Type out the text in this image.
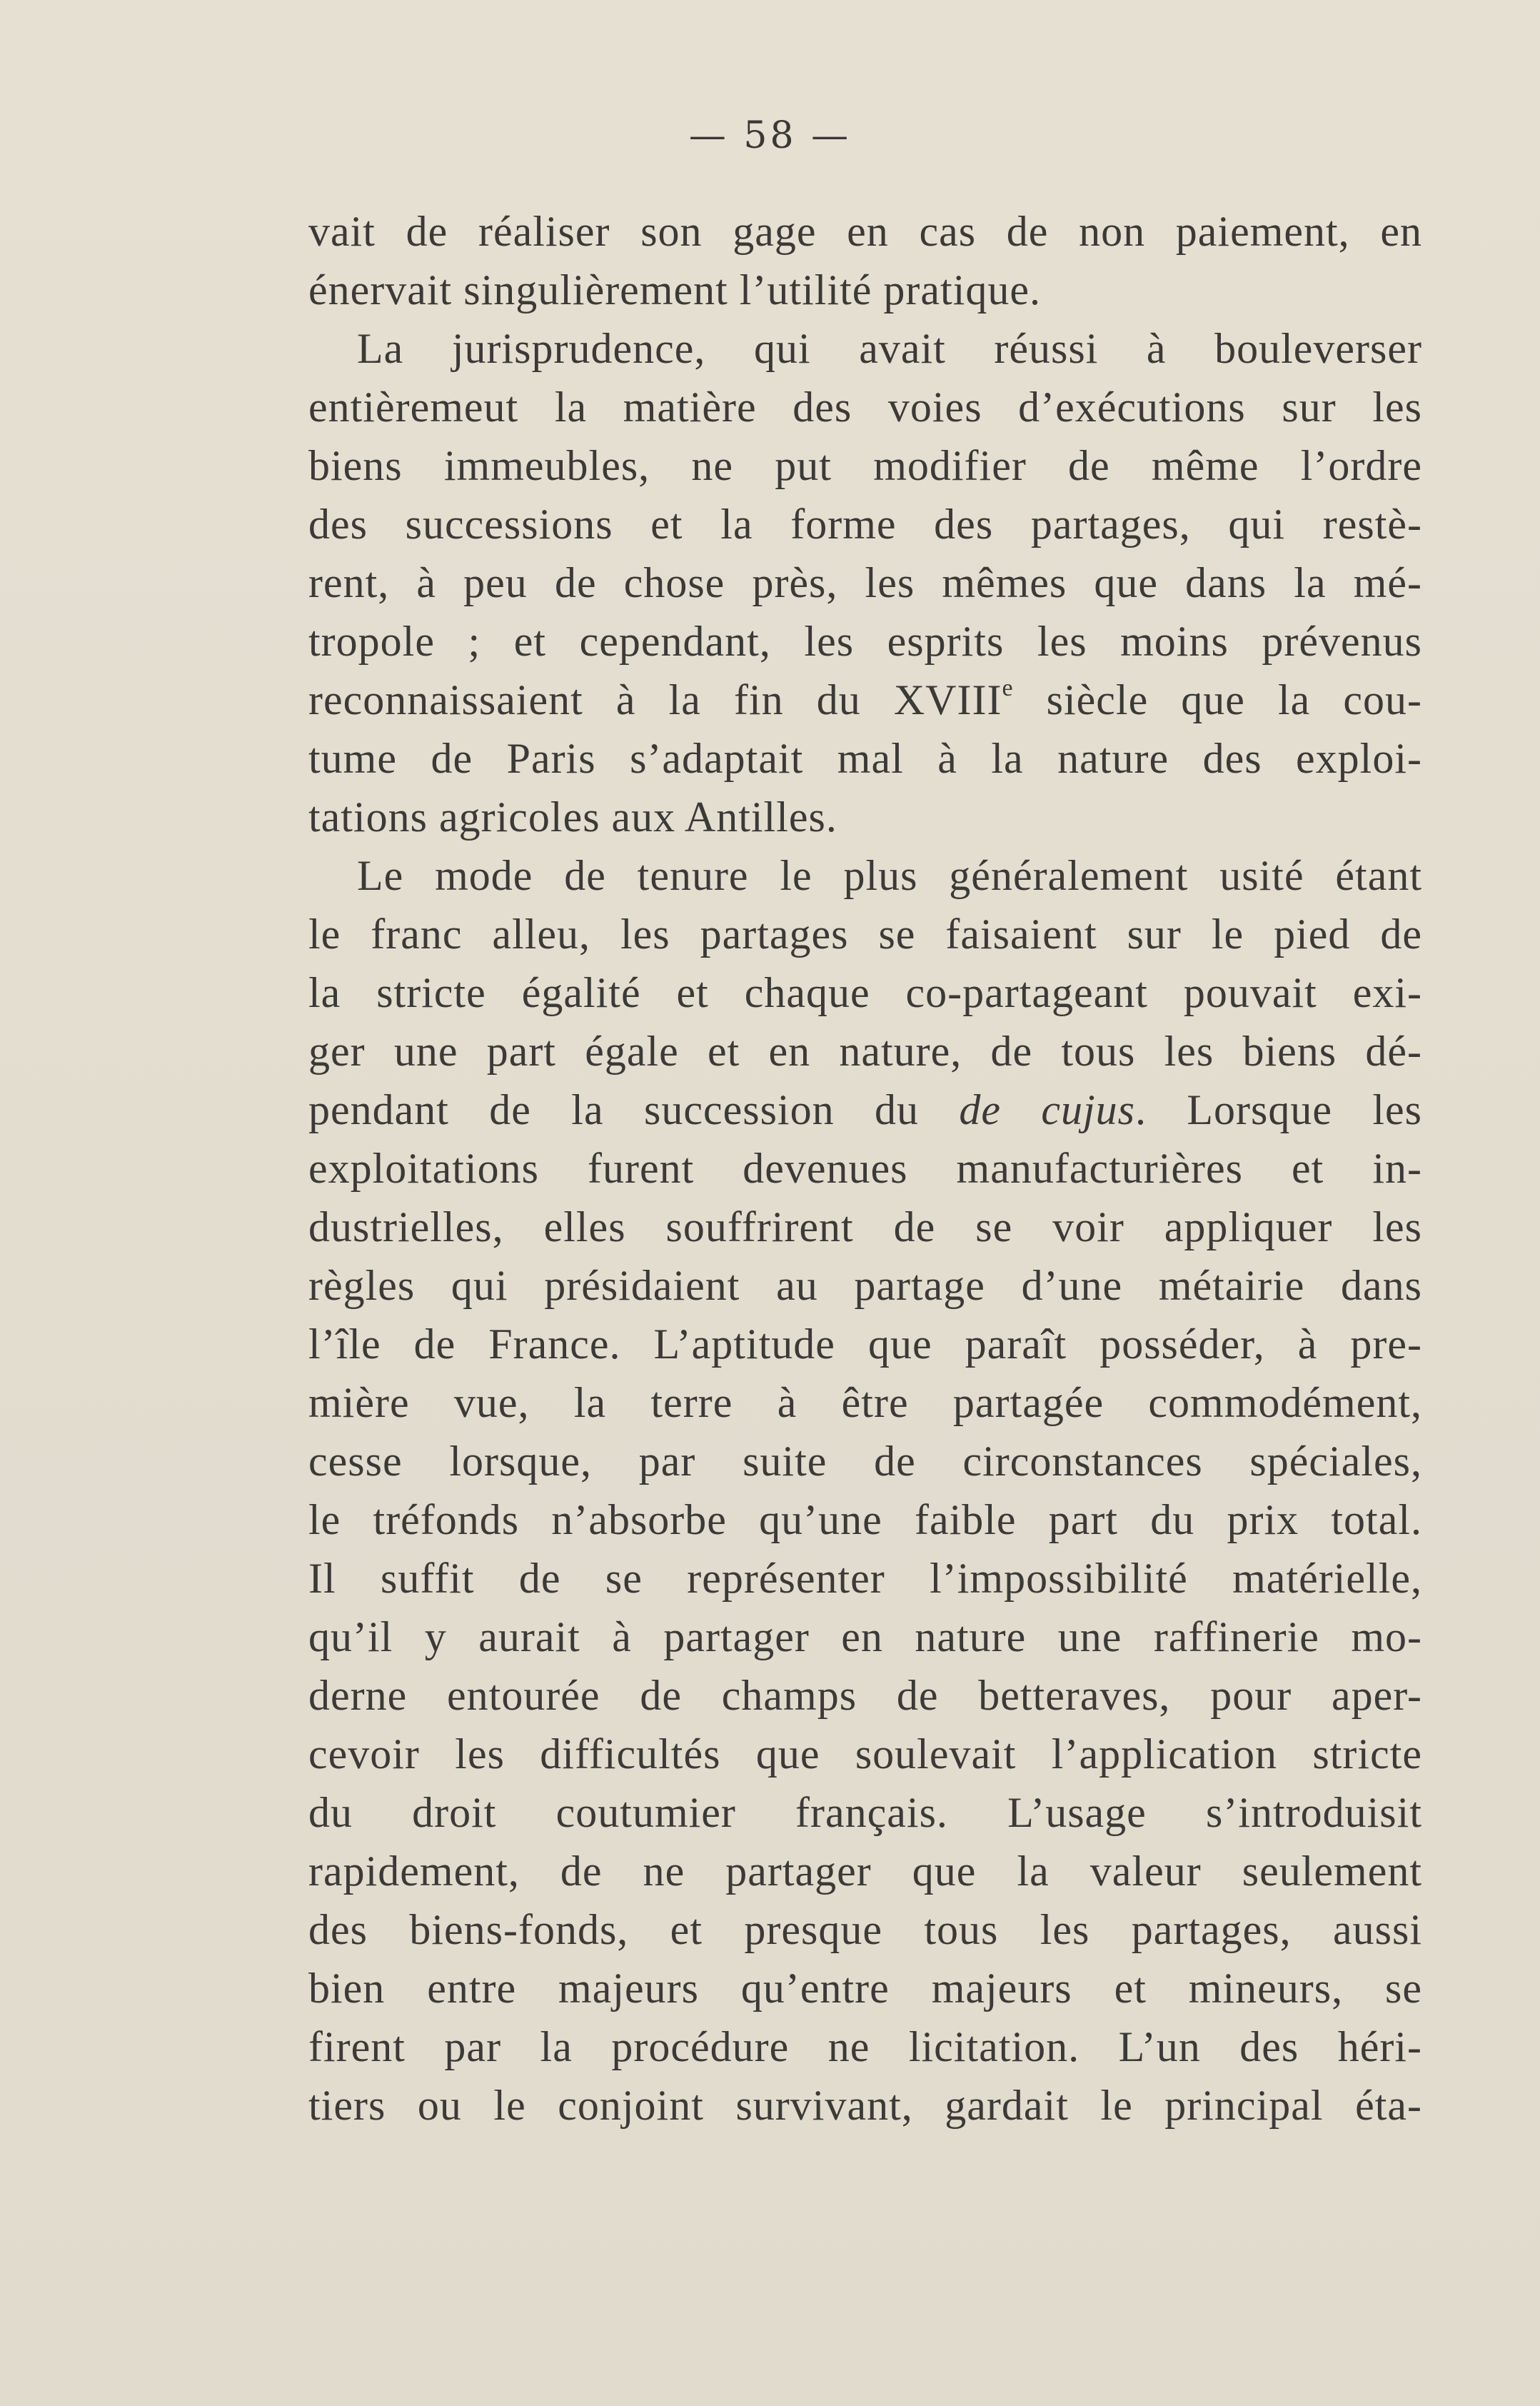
— 58 —
vait de réaliser son gage en cas de non paiement, en
énervait singulièrement l’utilité pratique.
La jurisprudence, qui avait réussi à bouleverser
entièremeut la matière des voies d’exécutions sur les
biens immeubles, ne put modifier de même l’ordre
des successions et la forme des partages, qui restè-
rent, à peu de chose près, les mêmes que dans la mé-
tropole ; et cependant, les esprits les moins prévenus
reconnaissaient à la fin du XVIIIe siècle que la cou-
tume de Paris s’adaptait mal à la nature des exploi-
tations agricoles aux Antilles.
Le mode de tenure le plus généralement usité étant
le franc alleu, les partages se faisaient sur le pied de
la stricte égalité et chaque co-partageant pouvait exi-
ger une part égale et en nature, de tous les biens dé-
pendant de la succession du de cujus. Lorsque les
exploitations furent devenues manufacturières et in-
dustrielles, elles souffrirent de se voir appliquer les
règles qui présidaient au partage d’une métairie dans
l’île de France. L’aptitude que paraît posséder, à pre-
mière vue, la terre à être partagée commodément,
cesse lorsque, par suite de circonstances spéciales,
le tréfonds n’absorbe qu’une faible part du prix total.
Il suffit de se représenter l’impossibilité matérielle,
qu’il y aurait à partager en nature une raffinerie mo-
derne entourée de champs de betteraves, pour aper-
cevoir les difficultés que soulevait l’application stricte
du droit coutumier français. L’usage s’introduisit
rapidement, de ne partager que la valeur seulement
des biens-fonds, et presque tous les partages, aussi
bien entre majeurs qu’entre majeurs et mineurs, se
firent par la procédure ne licitation. L’un des héri-
tiers ou le conjoint survivant, gardait le principal éta-
